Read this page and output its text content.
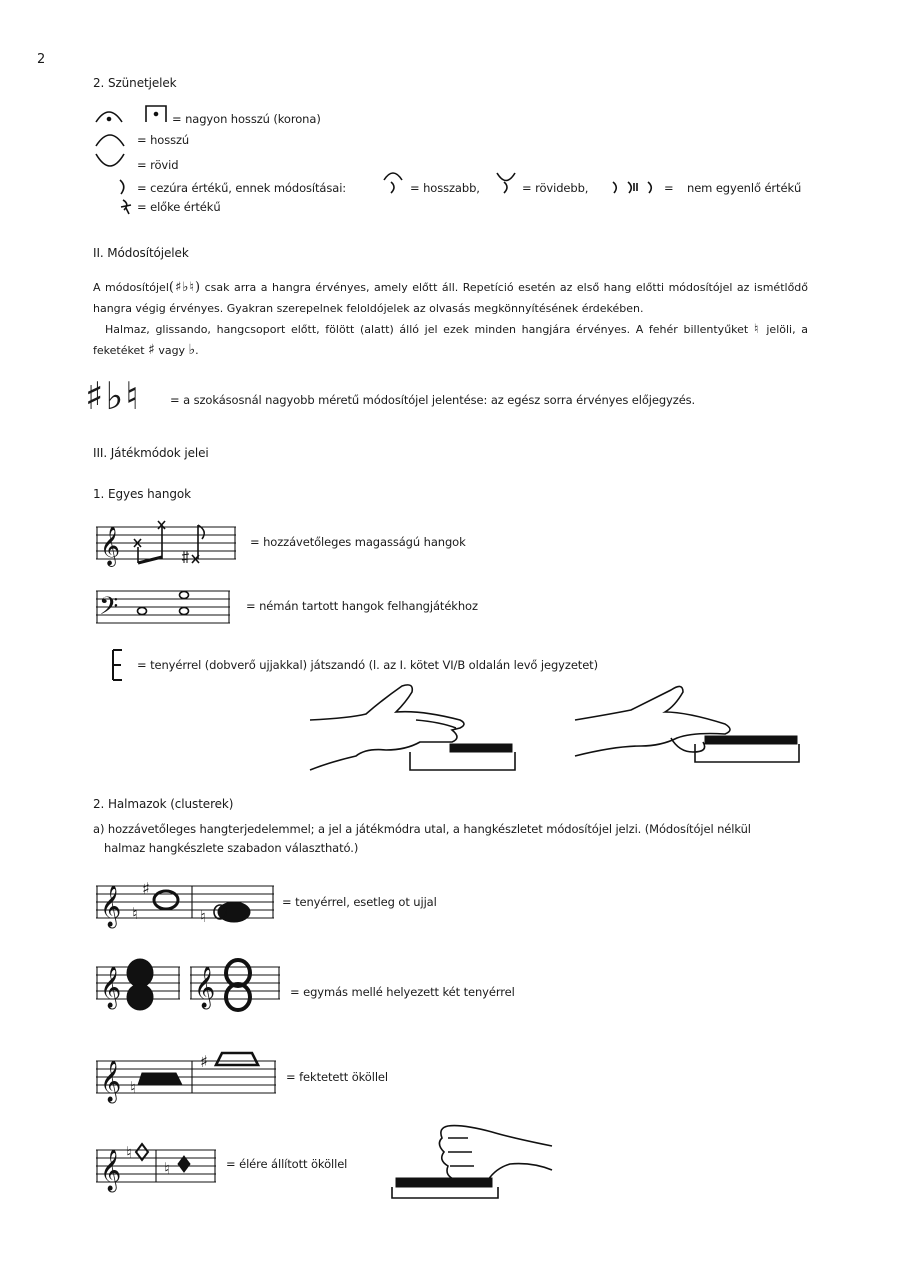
2
2. Szünetjelek
= nagyon hosszú (korona)
= hosszú
= rövid
= cezúra értékű, ennek módosításai:	= hosszabb,	= rövidebb,	= nem egyenlő értékű
= előke értékű
II. Módosítójelek

A módosítójel(♯♭♮) csak arra a hangra érvényes, amely előtt áll. Repetíció esetén az első hang előtti módosítójel az ismétlődő hangra végig érvényes. Gyakran szerepelnek feloldójelek az olvasás megkönnyítésének érdekében.

Halmaz, glissando, hangcsoport előtt, fölött (alatt) álló jel ezek minden hangjára érvényes. A fehér billentyűket ♮ jelöli, a feketéket ♯ vagy ♭.

♯♭♮	= a szokásosnál nagyobb méretű módosítójel jelentése: az egész sorra érvényes előjegyzés.
III. Játékmódok jelei
1. Egyes hangok
𝄞	= hozzávetőleges magasságú hangok
𝄢	= némán tartott hangok felhangjátékhoz
= tenyérrel (dobverő ujjakkal) játszandó (l. az I. kötet VI/B oldalán levő jegyzetet)
2. Halmazok (clusterek)
a) hozzávetőleges hangterjedelemmel; a jel a játékmódra utal, a hangkészletet módosítójel jelzi. (Módosítójel nélkül
halmaz hangkészlete szabadon választható.)
𝄞 ♮
♯
♮
= tenyérrel, esetleg ot ujjal
𝄞 𝄞	= egymás mellé helyezett két tenyérrel
𝄞 ♮
♯
= fektetett ököllel
𝄞 ♮
♮	= élére állított ököllel
